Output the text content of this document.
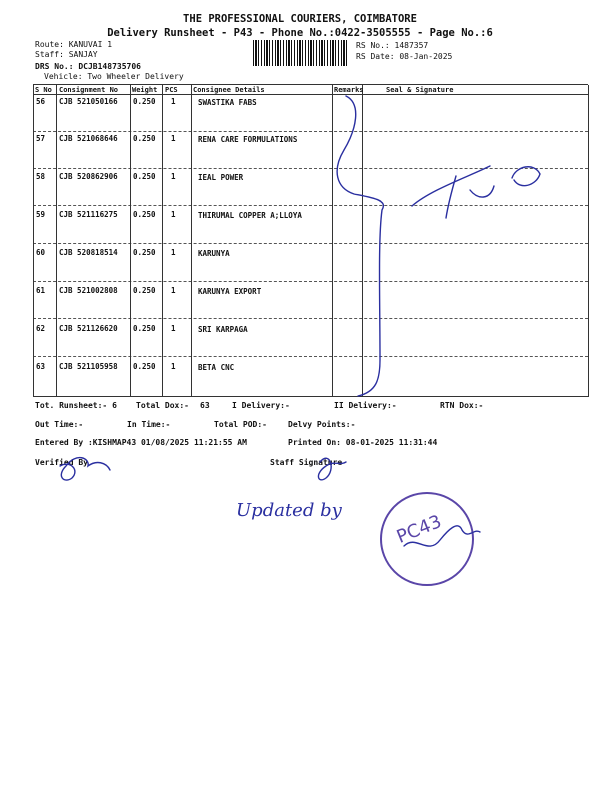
THE PROFESSIONAL COURIERS, COIMBATORE
Delivery Runsheet - P43 - Phone No.:0422-3505555 - Page No.:6
Route: KANUVAI 1
Staff: SANJAY
DRS No.: DCJB148735706
Vehicle: Two Wheeler Delivery
RS No.: 1487357
RS Date: 08-Jan-2025
S No Consignment No Weight PCS Consignee Details	Remarks	Seal & Signature
56 CJB 521050166 0.250 1	SWASTIKA FABS
57 CJB 521068646 0.250 1	RENA CARE FORMULATIONS
58 CJB 520862906 0.250 1	IEAL POWER
59 CJB 521116275 0.250 1	THIRUMAL COPPER A;LLOYA
60 CJB 520818514 0.250 1	KARUNYA
61 CJB 521002808 0.250 1	KARUNYA EXPORT
62 CJB 521126620 0.250 1	SRI KARPAGA
63 CJB 521105958 0.250 1	BETA CNC
Tot. Runsheet:- 6 Total Dox:- 63	I Delivery:-	II Delivery:-	RTN Dox:-
Out Time:-	In Time:-	Total POD:-	Delvy Points:-
Entered By :KISHMAP43 01/08/2025 11:21:55 AM	Printed On: 08-01-2025 11:31:44
Verified By	Staff Signature
Updated by
PC43
